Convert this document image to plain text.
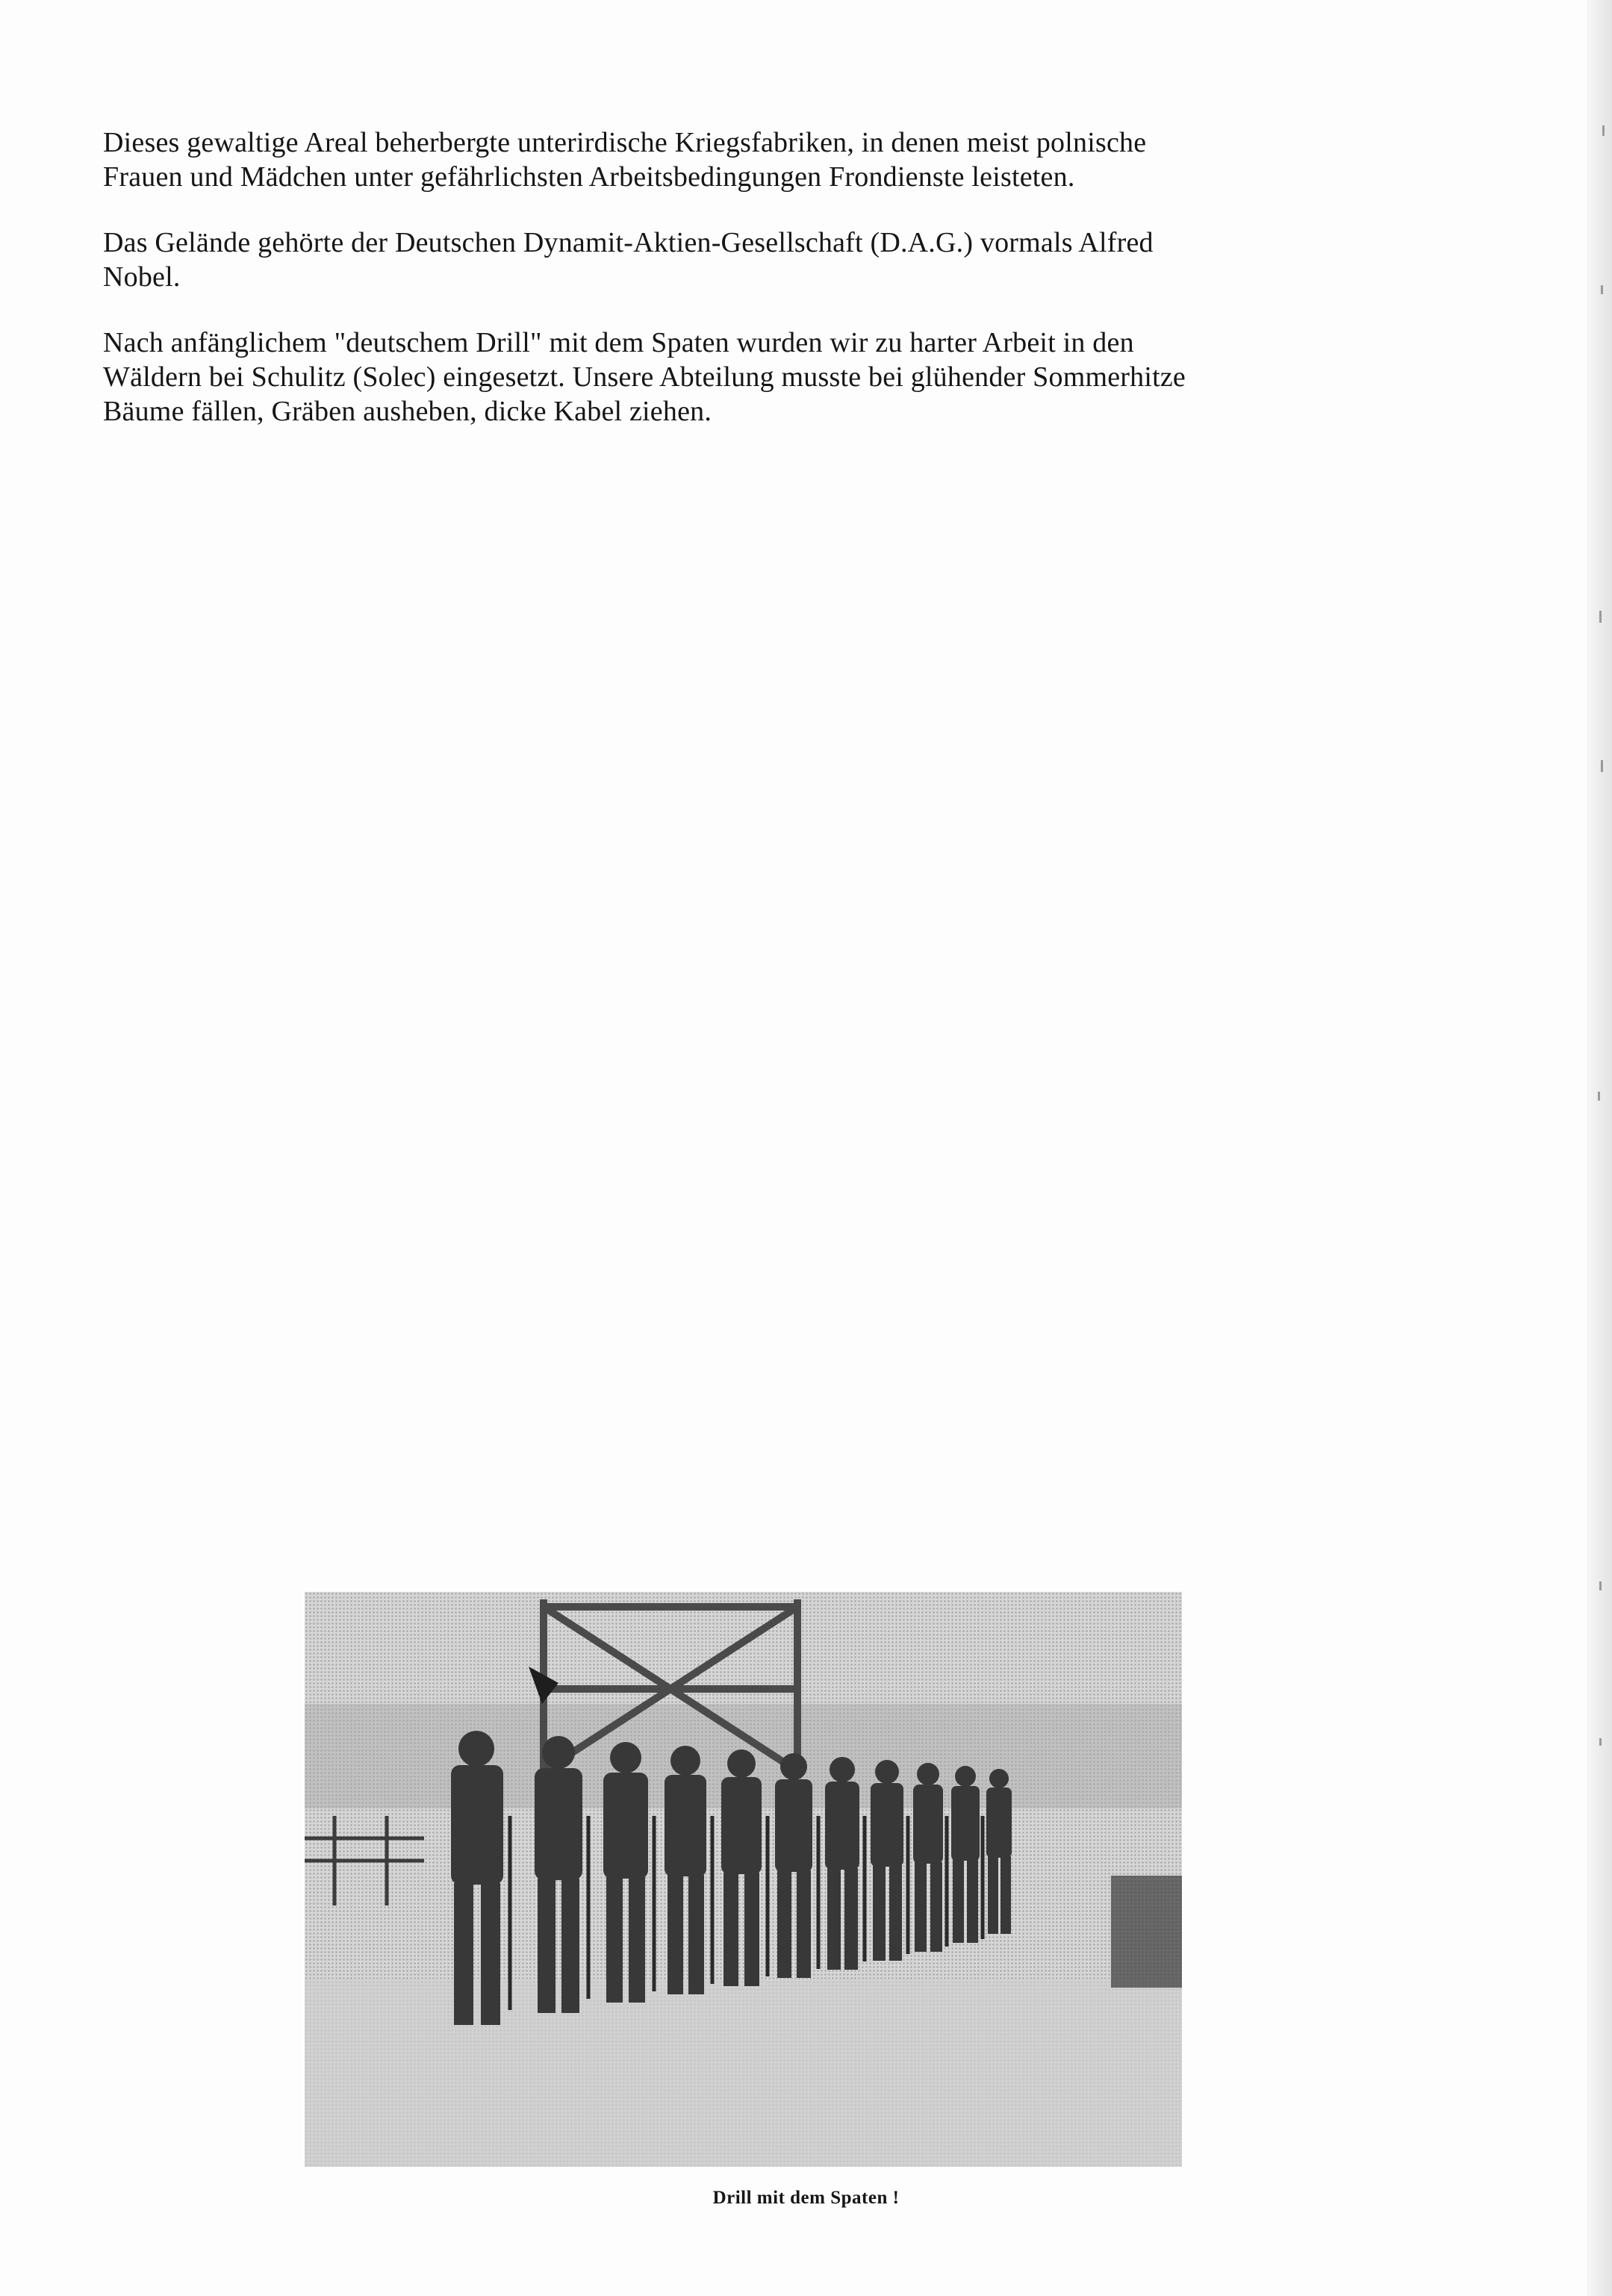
Dieses gewaltige Areal beherbergte unterirdische Kriegsfabriken, in denen meist polnische
Frauen und Mädchen unter gefährlichsten Arbeitsbedingungen Frondienste leisteten.

Das Gelände gehörte der Deutschen Dynamit-Aktien-Gesellschaft (D.A.G.) vormals Alfred
Nobel.

Nach anfänglichem "deutschem Drill" mit dem Spaten wurden wir zu harter Arbeit in den
Wäldern bei Schulitz (Solec) eingesetzt. Unsere Abteilung musste bei glühender Sommerhitze
Bäume fällen, Gräben ausheben, dicke Kabel ziehen.

Drill mit dem Spaten !
